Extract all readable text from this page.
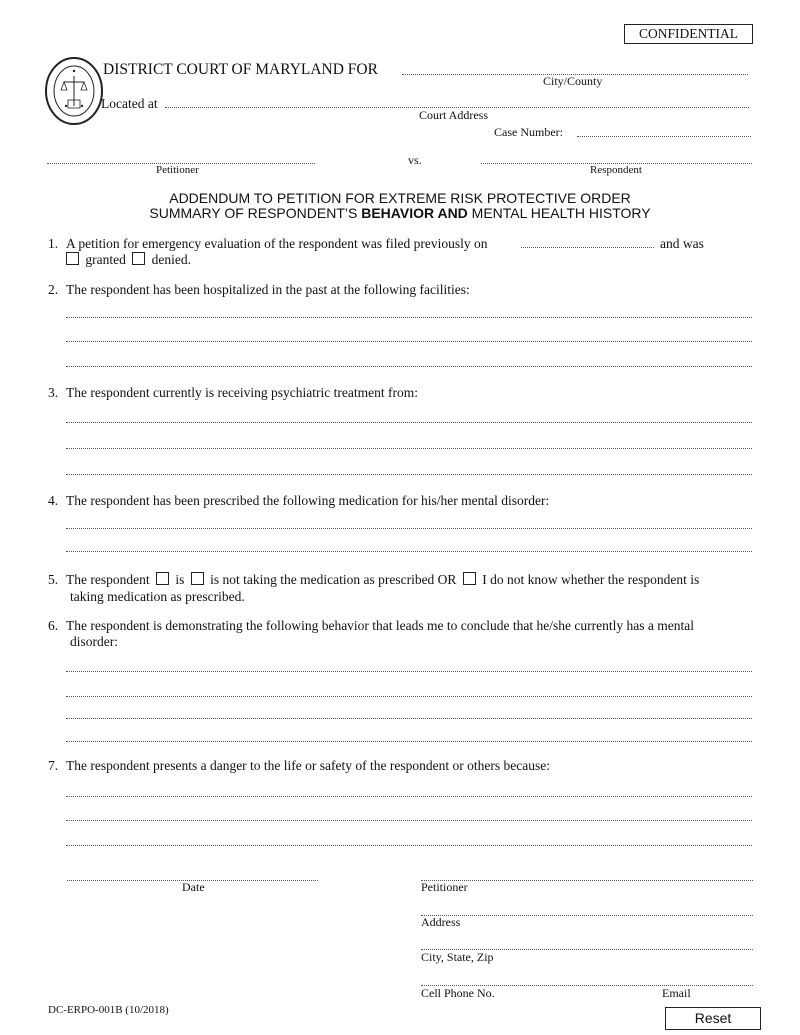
CONFIDENTIAL
DISTRICT COURT OF MARYLAND FOR
City/County
Located at
Court Address
Case Number:
Petitioner
vs.
Respondent
ADDENDUM TO PETITION FOR EXTREME RISK PROTECTIVE ORDER
SUMMARY OF RESPONDENT’S BEHAVIOR AND MENTAL HEALTH HISTORY
1. A petition for emergency evaluation of the respondent was filed previously on	and was
granted denied.
2. The respondent has been hospitalized in the past at the following facilities:
3. The respondent currently is receiving psychiatric treatment from:
4. The respondent has been prescribed the following medication for his/her mental disorder:
5. The respondent is is not taking the medication as prescribed OR I do not know whether the respondent is
taking medication as prescribed.
6. The respondent is demonstrating the following behavior that leads me to conclude that he/she currently has a mental
disorder:
7. The respondent presents a danger to the life or safety of the respondent or others because:
Date	Petitioner
Address
City, State, Zip
Cell Phone No.	Email
DC-ERPO-001B (10/2018)	Reset
